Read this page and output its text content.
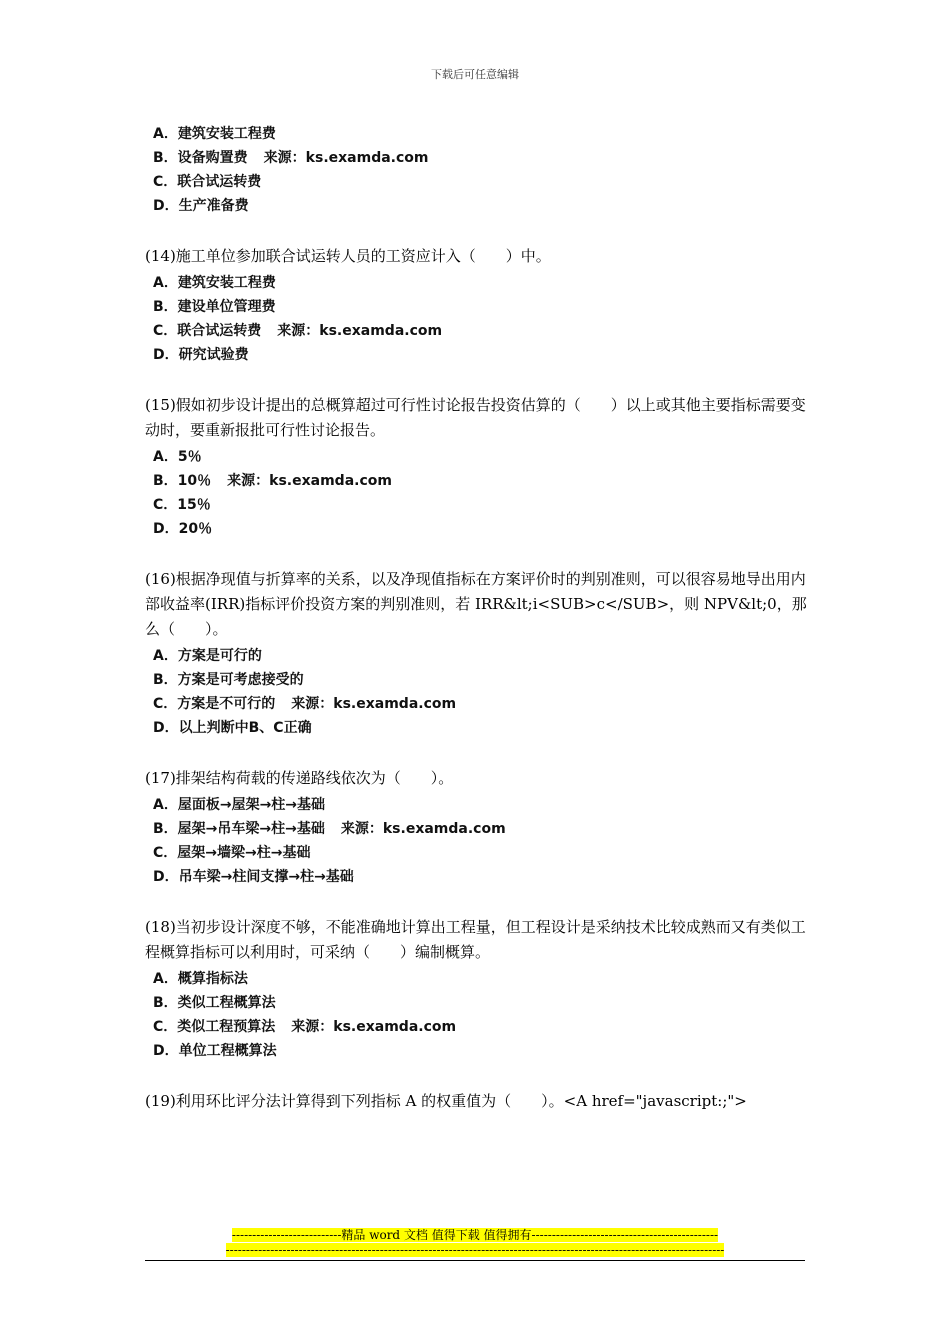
下载后可任意编辑
A．建筑安装工程费
B．设备购置费 来源：ks.examda.com
C．联合试运转费
D．生产准备费
(14)施工单位参加联合试运转人员的工资应计入（　　）中。
A．建筑安装工程费
B．建设单位管理费
C．联合试运转费 来源：ks.examda.com
D．研究试验费
(15)假如初步设计提出的总概算超过可行性讨论报告投资估算的（　　）以上或其他主要指标需要变动时，要重新报批可行性讨论报告。
A．5％
B．10％ 来源：ks.examda.com
C．15％
D．20％
(16)根据净现值与折算率的关系，以及净现值指标在方案评价时的判别准则，可以很容易地导出用内部收益率(IRR)指标评价投资方案的判别准则，若 IRR&lt;i<SUB>c</SUB>，则 NPV&lt;0，那么（　　）。
A．方案是可行的
B．方案是可考虑接受的
C．方案是不可行的 来源：ks.examda.com
D．以上判断中B、C正确
(17)排架结构荷载的传递路线依次为（　　）。
A．屋面板→屋架→柱→基础
B．屋架→吊车梁→柱→基础 来源：ks.examda.com
C．屋架→墙梁→柱→基础
D．吊车梁→柱间支撑→柱→基础
(18)当初步设计深度不够，不能准确地计算出工程量，但工程设计是采纳技术比较成熟而又有类似工程概算指标可以利用时，可采纳（　　）编制概算。
A．概算指标法
B．类似工程概算法
C．类似工程预算法 来源：ks.examda.com
D．单位工程概算法
(19)利用环比评分法计算得到下列指标 A 的权重值为（　　）。<A href="javascript:;">
---------------------------精品 word 文档 值得下载 值得拥有----------------------------------------------
---------------------------------------------------------------------------------------------------------------------------
